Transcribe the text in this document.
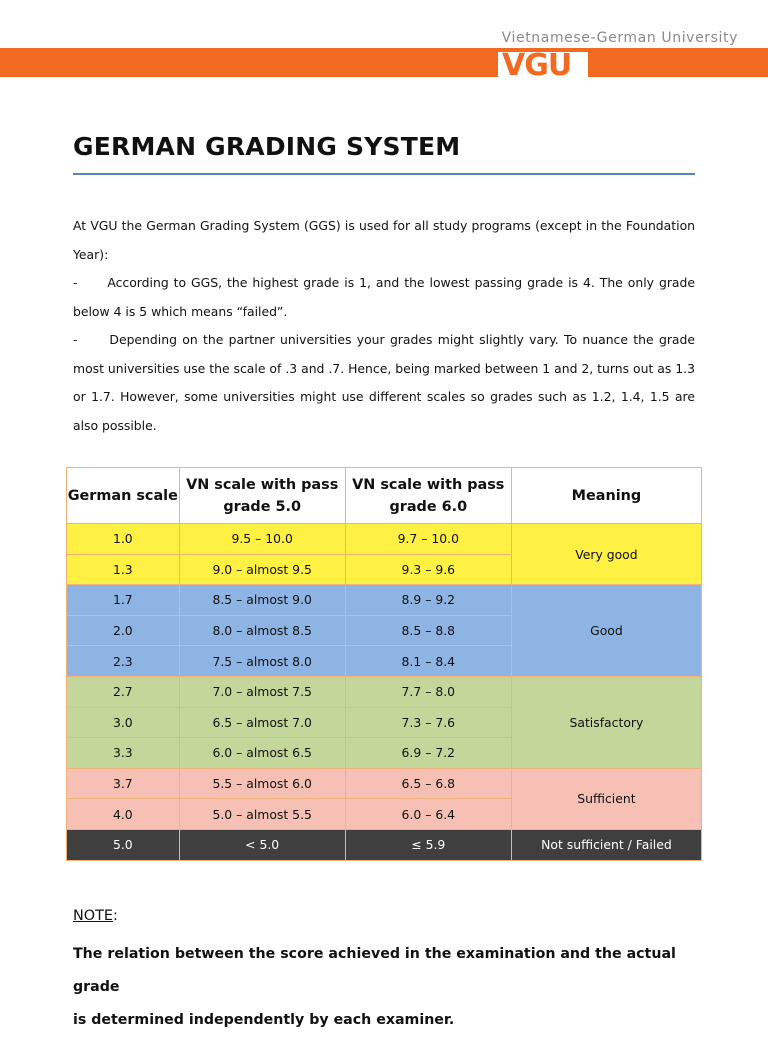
Vietnamese-German University
VGU
GERMAN GRADING SYSTEM

At VGU the German Grading System (GGS) is used for all study programs (except in the Foundation Year):

- According to GGS, the highest grade is 1, and the lowest passing grade is 4. The only grade below 4 is 5 which means “failed”.

-	Depending on the partner universities your grades might slightly vary. To nuance the grade most universities use the scale of .3 and .7. Hence, being marked between 1 and 2, turns out as 1.3 or 1.7. However, some universities might use different scales so grades such as 1.2, 1.4, 1.5 are also possible.

German scale	VN scale with pass grade 5.0	VN scale with pass grade 6.0	Meaning
1.0	9.5 – 10.0	9.7 – 10.0	Very good
1.3	9.0 – almost 9.5	9.3 – 9.6	
1.7	8.5 – almost 9.0	8.9 – 9.2	Good
2.0	8.0 – almost 8.5	8.5 – 8.8	
2.3	7.5 – almost 8.0	8.1 – 8.4	
2.7	7.0 – almost 7.5	7.7 – 8.0	Satisfactory
3.0	6.5 – almost 7.0	7.3 – 7.6	
3.3	6.0 – almost 6.5	6.9 – 7.2	
3.7	5.5 – almost 6.0	6.5 – 6.8	Sufficient
4.0	5.0 – almost 5.5	6.0 – 6.4	
5.0	< 5.0	≤ 5.9	Not sufficient / Failed
NOTE:

The relation between the score achieved in the examination and the actual grade

is determined independently by each examiner.
